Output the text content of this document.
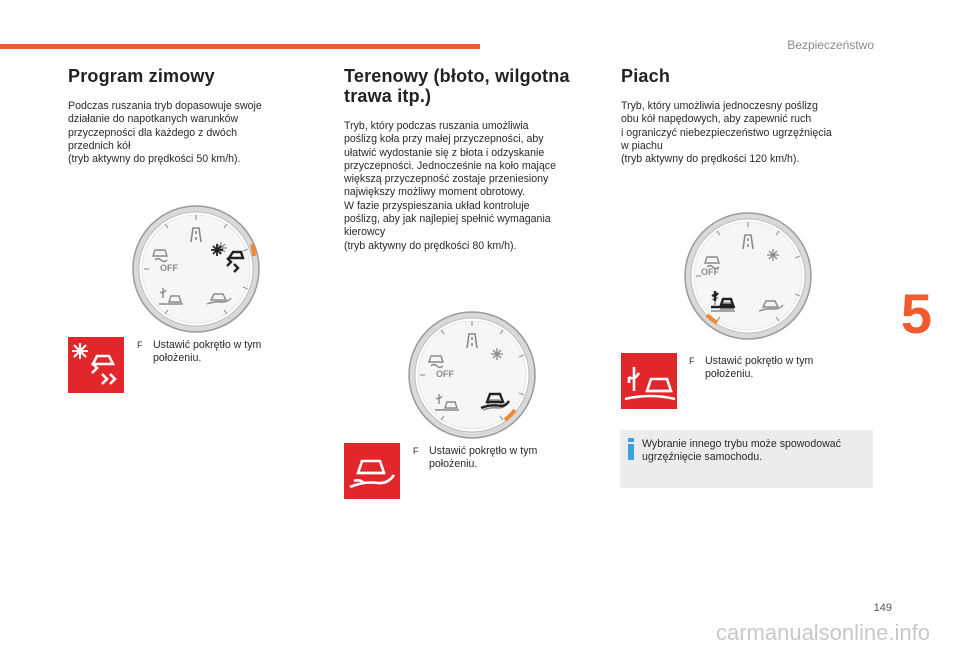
Bezpieczeństwo
5
Program zimowy

Podczas ruszania tryb dopasowuje swoje
działanie do napotkanych warunków
przyczepności dla każdego z dwóch
przednich kół
(tryb aktywny do prędkości 50 km/h).

Terenowy (błoto, wilgotna trawa itp.)

Tryb, który podczas ruszania umożliwia
poślizg koła przy małej przyczepności, aby
ułatwić wydostanie się z błota i odzyskanie
przyczepności. Jednocześnie na koło mające
większą przyczepność zostaje przeniesiony
największy możliwy moment obrotowy.
W fazie przyspieszania układ kontroluje
poślizg, aby jak najlepiej spełnić wymagania
kierowcy
(tryb aktywny do prędkości 80 km/h).

Piach

Tryb, który umożliwia jednoczesny poślizg
obu kół napędowych, aby zapewnić ruch
i ograniczyć niebezpieczeństwo ugrzęźnięcia
w piachu
(tryb aktywny do prędkości 120 km/h).

OFF
OFF
OFF
F Ustawić pokrętło w tym położeniu.
F Ustawić pokrętło w tym położeniu.
F Ustawić pokrętło w tym położeniu.
Wybranie innego trybu może spowodować ugrzęźnięcie samochodu.
149
carmanualsonline.info
